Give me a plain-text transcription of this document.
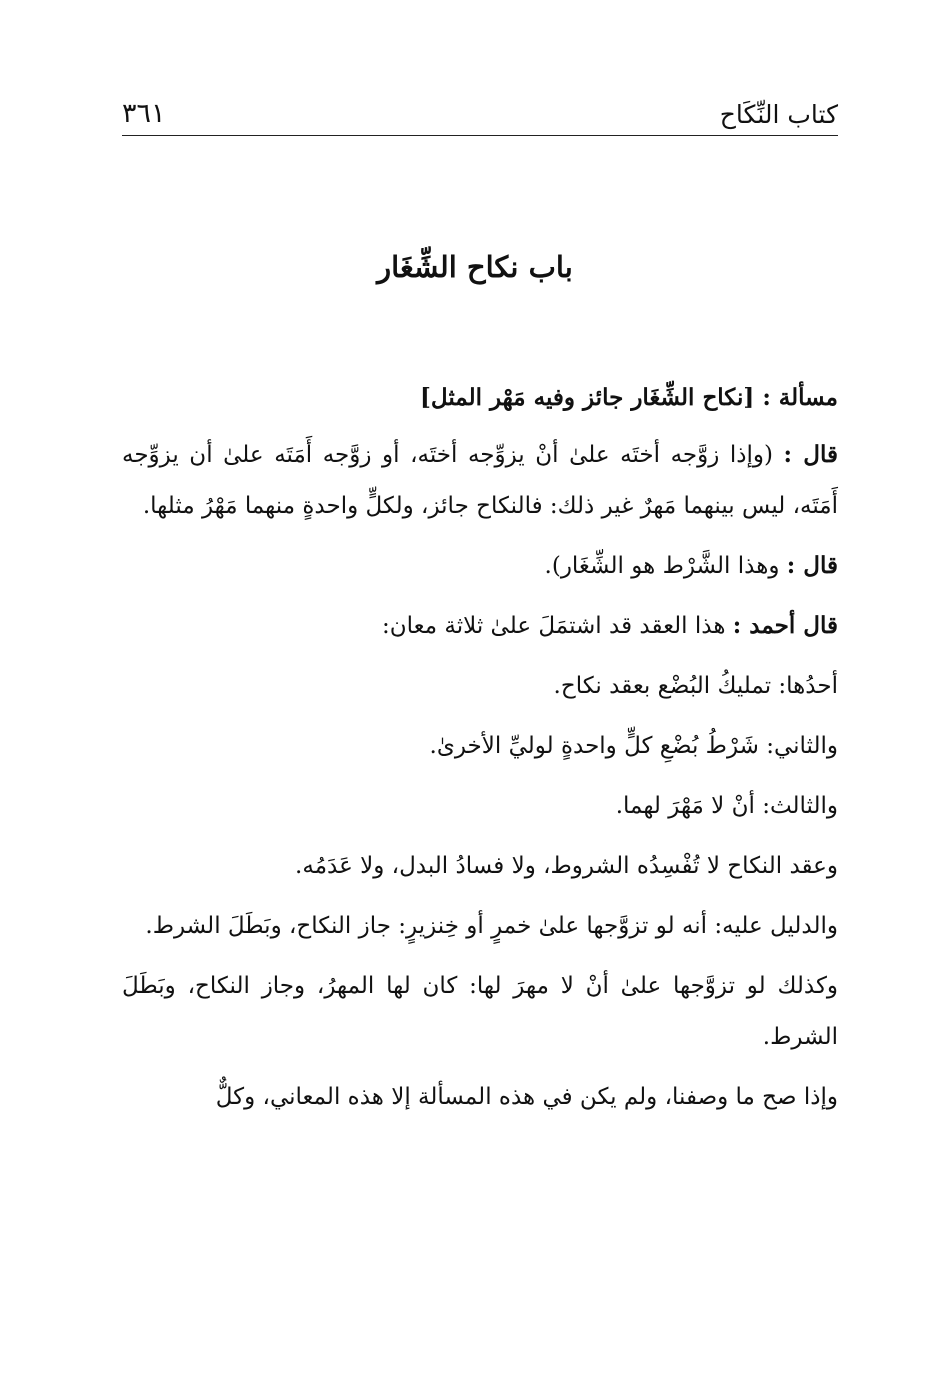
كتاب النِّكَاح
٣٦١
باب نكاح الشِّغَار

مسألة : [نكاح الشِّغَار جائز وفيه مَهْر المثل]

قال : (وإذا زوَّجه أختَه علىٰ أنْ يزوِّجه أختَه، أو زوَّجه أَمَتَه علىٰ أن يزوِّجه أَمَتَه، ليس بينهما مَهرٌ غير ذلك: فالنكاح جائز، ولكلٍّ واحدةٍ منهما مَهْرُ مثلها.

قال : وهذا الشَّرْط هو الشِّغَار).

قال أحمد : هذا العقد قد اشتمَلَ علىٰ ثلاثة معان:

أحدُها: تمليكُ البُضْع بعقد نكاح.

والثاني: شَرْطُ بُضْعِ كلٍّ واحدةٍ لوليِّ الأخرىٰ.

والثالث: أنْ لا مَهْرَ لهما.

وعقد النكاح لا تُفْسِدُه الشروط، ولا فسادُ البدل، ولا عَدَمُه.

والدليل عليه: أنه لو تزوَّجها علىٰ خمرٍ أو خِنزيرٍ: جاز النكاح، وبَطَلَ الشرط.

وكذلك لو تزوَّجها علىٰ أنْ لا مهرَ لها: كان لها المهرُ، وجاز النكاح، وبَطَلَ الشرط.

وإذا صح ما وصفنا، ولم يكن في هذه المسألة إلا هذه المعاني، وكلٌّ
